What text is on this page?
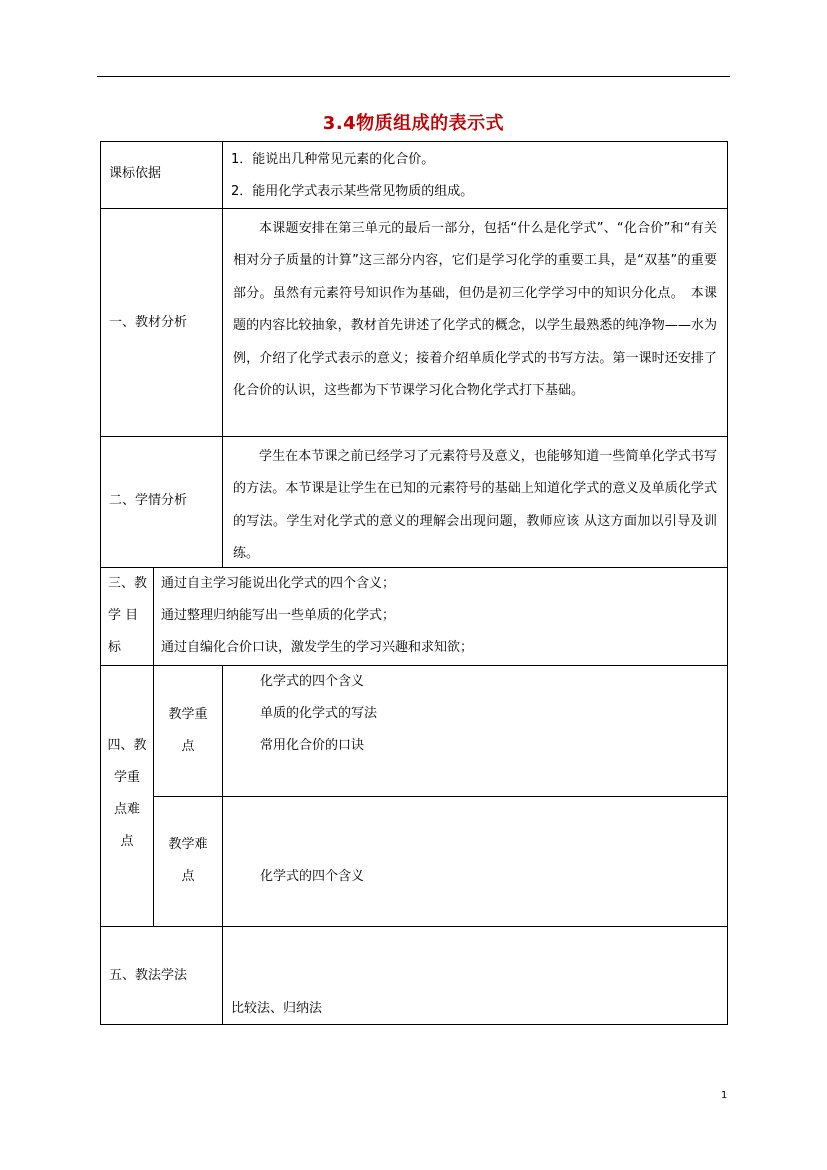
3.4物质组成的表示式
课标依据
1．能说出几种常见元素的化合价。
2．能用化学式表示某些常见物质的组成。
一、教材分析
本课题安排在第三单元的最后一部分，包括“什么是化学式”、“化合价”和“有关相对分子质量的计算”这三部分内容，它们是学习化学的重要工具，是“双基”的重要部分。虽然有元素符号知识作为基础，但仍是初三化学学习中的知识分化点。　本课题的内容比较抽象，教材首先讲述了化学式的概念，以学生最熟悉的纯净物——水为例，介绍了化学式表示的意义；接着介绍单质化学式的书写方法。第一课时还安排了化合价的认识，这些都为下节课学习化合物化学式打下基础。
二、学情分析
学生在本节课之前已经学习了元素符号及意义，也能够知道一些简单化学式书写的方法。本节课是让学生在已知的元素符号的基础上知道化学式的意义及单质化学式的写法。学生对化学式的意义的理解会出现问题，教师应该 从这方面加以引导及训练。
三、教
学 目
标
通过自主学习能说出化学式的四个含义；
通过整理归纳能写出一些单质的化学式；
通过自编化合价口诀，激发学生的学习兴趣和求知欲；
四、教
学重
点难
点
教学重
点
化学式的四个含义
单质的化学式的写法
常用化合价的口诀
教学难
点	化学式的四个含义
五、教法学法
比较法、归纳法
1
